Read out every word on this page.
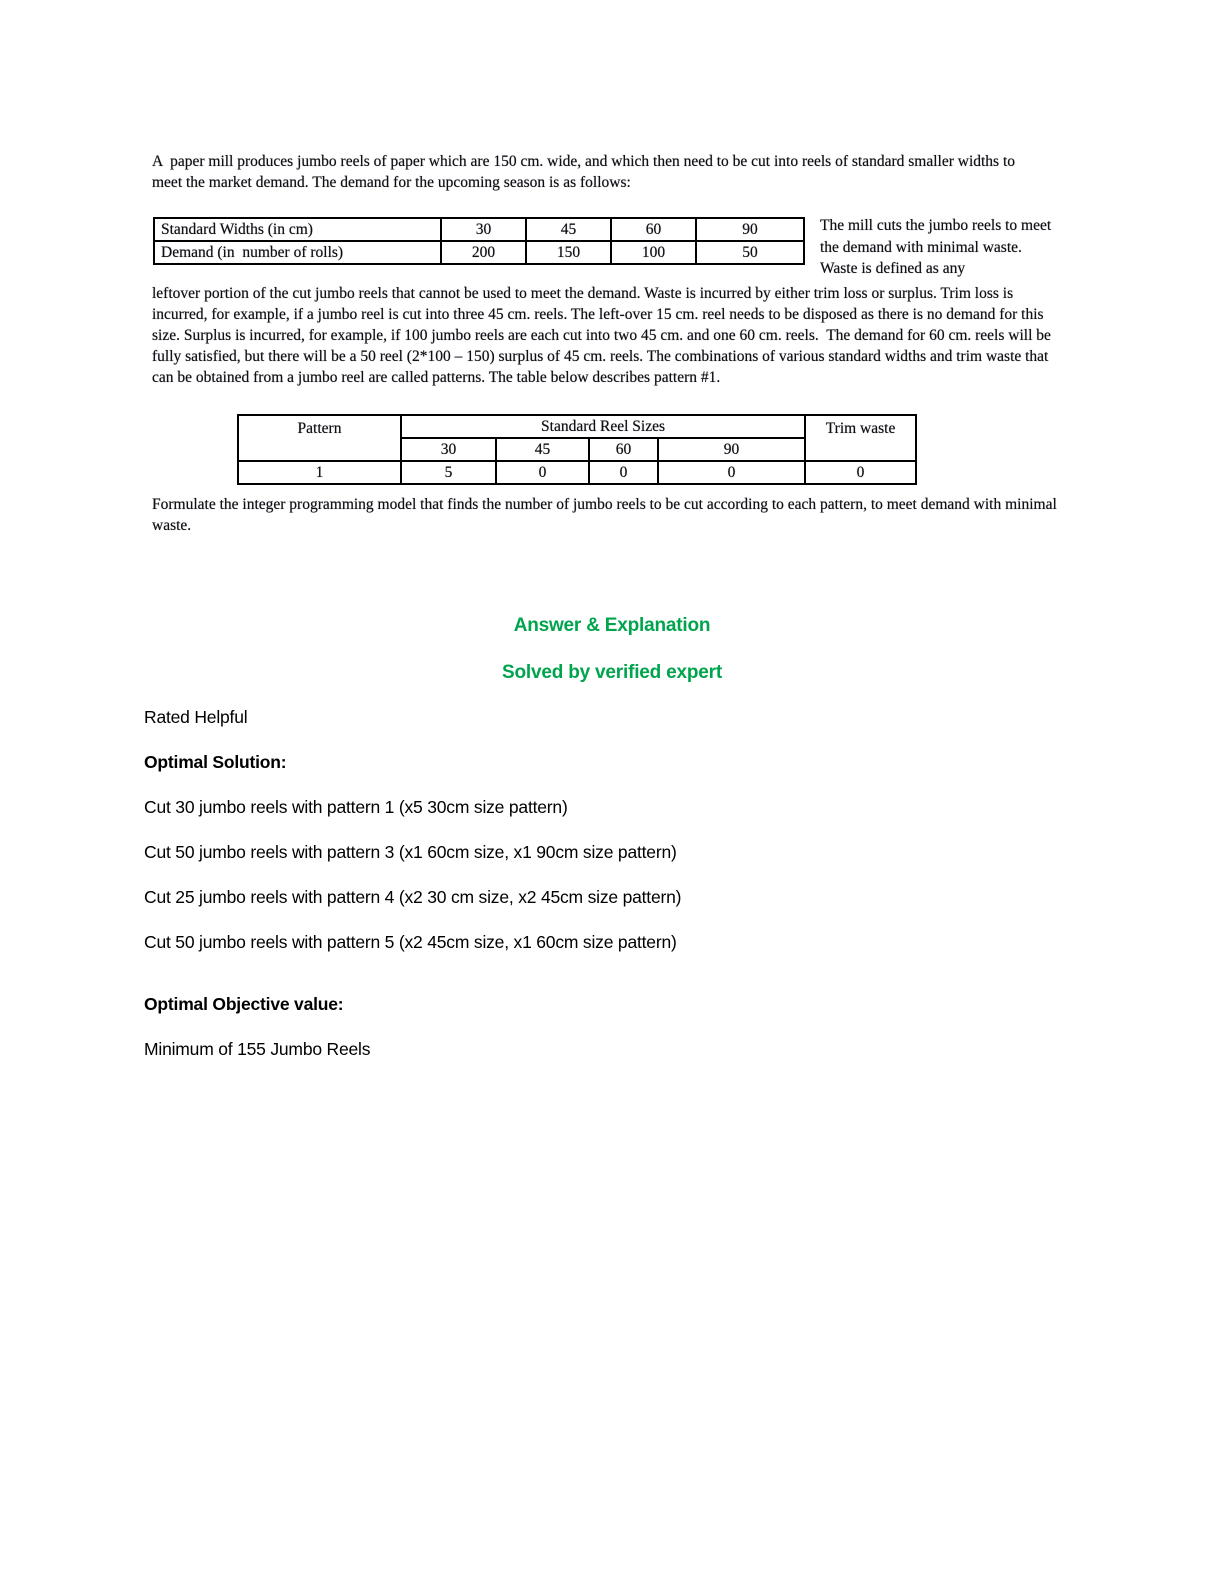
A  paper mill produces jumbo reels of paper which are 150 cm. wide, and which then need to be cut into reels of standard smaller widths to meet the market demand. The demand for the upcoming season is as follows:

Standard Widths (in cm)	30	45	60	90
Demand (in  number of rolls)	200	150	100	50
The mill cuts the jumbo reels to meet the demand with minimal waste. Waste is defined as any

leftover portion of the cut jumbo reels that cannot be used to meet the demand. Waste is incurred by either trim loss or surplus. Trim loss is incurred, for example, if a jumbo reel is cut into three 45 cm. reels. The left-over 15 cm. reel needs to be disposed as there is no demand for this size. Surplus is incurred, for example, if 100 jumbo reels are each cut into two 45 cm. and one 60 cm. reels.  The demand for 60 cm. reels will be fully satisfied, but there will be a 50 reel (2*100 – 150) surplus of 45 cm. reels. The combinations of various standard widths and trim waste that can be obtained from a jumbo reel are called patterns. The table below describes pattern #1.

Pattern	Standard Reel Sizes				Trim waste
	30	45	60	90	
1	5	0	0	0	0

Formulate the integer programming model that finds the number of jumbo reels to be cut according to each pattern, to meet demand with minimal waste.

Answer & Explanation
Solved by verified expert

Rated Helpful

Optimal Solution:

Cut 30 jumbo reels with pattern 1 (x5 30cm size pattern)

Cut 50 jumbo reels with pattern 3 (x1 60cm size, x1 90cm size pattern)

Cut 25 jumbo reels with pattern 4 (x2 30 cm size, x2 45cm size pattern)

Cut 50 jumbo reels with pattern 5 (x2 45cm size, x1 60cm size pattern)

Optimal Objective value:

Minimum of 155 Jumbo Reels
